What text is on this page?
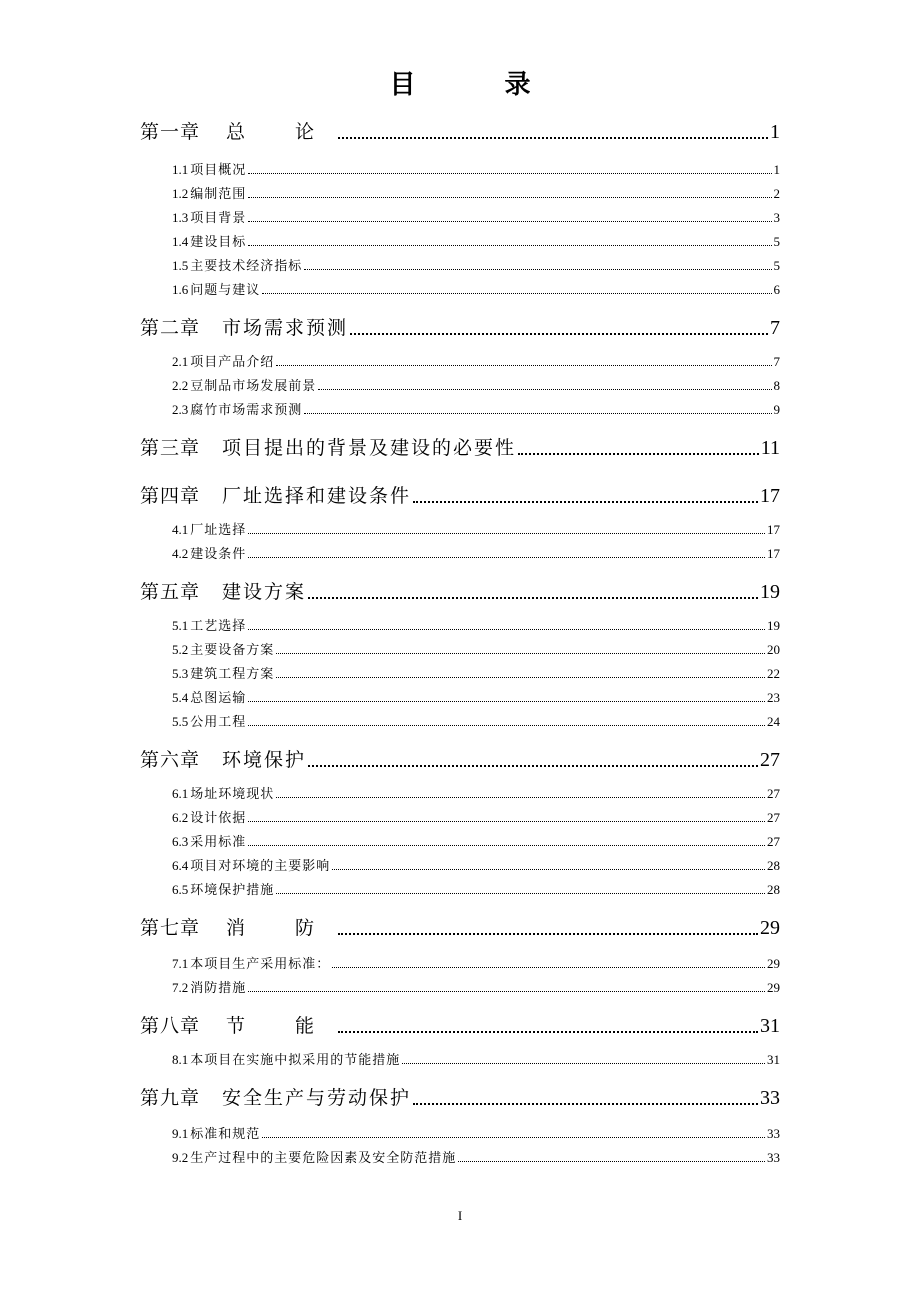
目 录
第一章 总 论	1
1.1 项目概况	1
1.2 编制范围	2
1.3 项目背景	3
1.4 建设目标	5
1.5 主要技术经济指标	5
1.6 问题与建议	6
第二章 市场需求预测	7
2.1 项目产品介绍	7
2.2 豆制品市场发展前景	8
2.3 腐竹市场需求预测	9
第三章 项目提出的背景及建设的必要性	11
第四章 厂址选择和建设条件	17
4.1 厂址选择	17
4.2 建设条件	17
第五章 建设方案	19
5.1 工艺选择	19
5.2 主要设备方案	20
5.3 建筑工程方案	22
5.4 总图运输	23
5.5 公用工程	24
第六章 环境保护	27
6.1 场址环境现状	27
6.2 设计依据	27
6.3 采用标准	27
6.4 项目对环境的主要影响	28
6.5 环境保护措施	28
第七章 消 防	29
7.1 本项目生产采用标准：	29
7.2 消防措施	29
第八章 节 能	31
8.1 本项目在实施中拟采用的节能措施	31
第九章 安全生产与劳动保护	33
9.1 标准和规范	33
9.2 生产过程中的主要危险因素及安全防范措施	33
I
